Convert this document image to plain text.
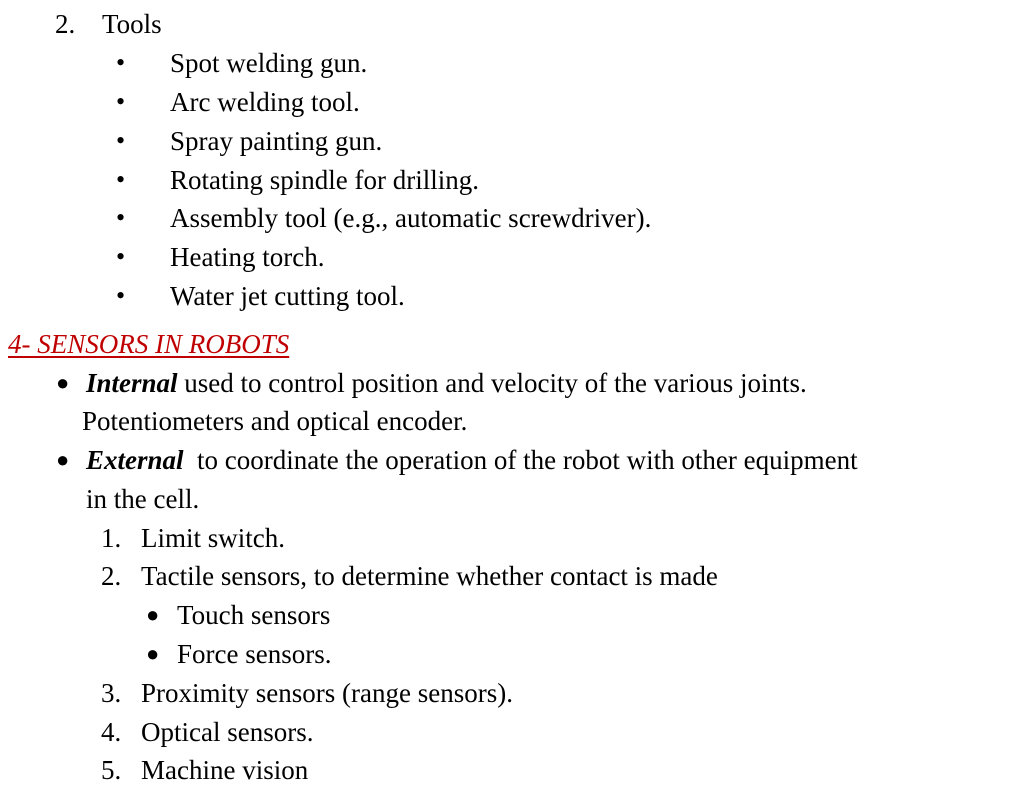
2. Tools
• Spot welding gun.
• Arc welding tool.
• Spray painting gun.
• Rotating spindle for drilling.
• Assembly tool (e.g., automatic screwdriver).
• Heating torch.
• Water jet cutting tool.
4- SENSORS IN ROBOTS
● Internal used to control position and velocity of the various joints.
Potentiometers and optical encoder.
● External  to coordinate the operation of the robot with other equipment
in the cell.
1. Limit switch.
2. Tactile sensors, to determine whether contact is made
● Touch sensors
● Force sensors.
3. Proximity sensors (range sensors).
4. Optical sensors.
5. Machine vision
